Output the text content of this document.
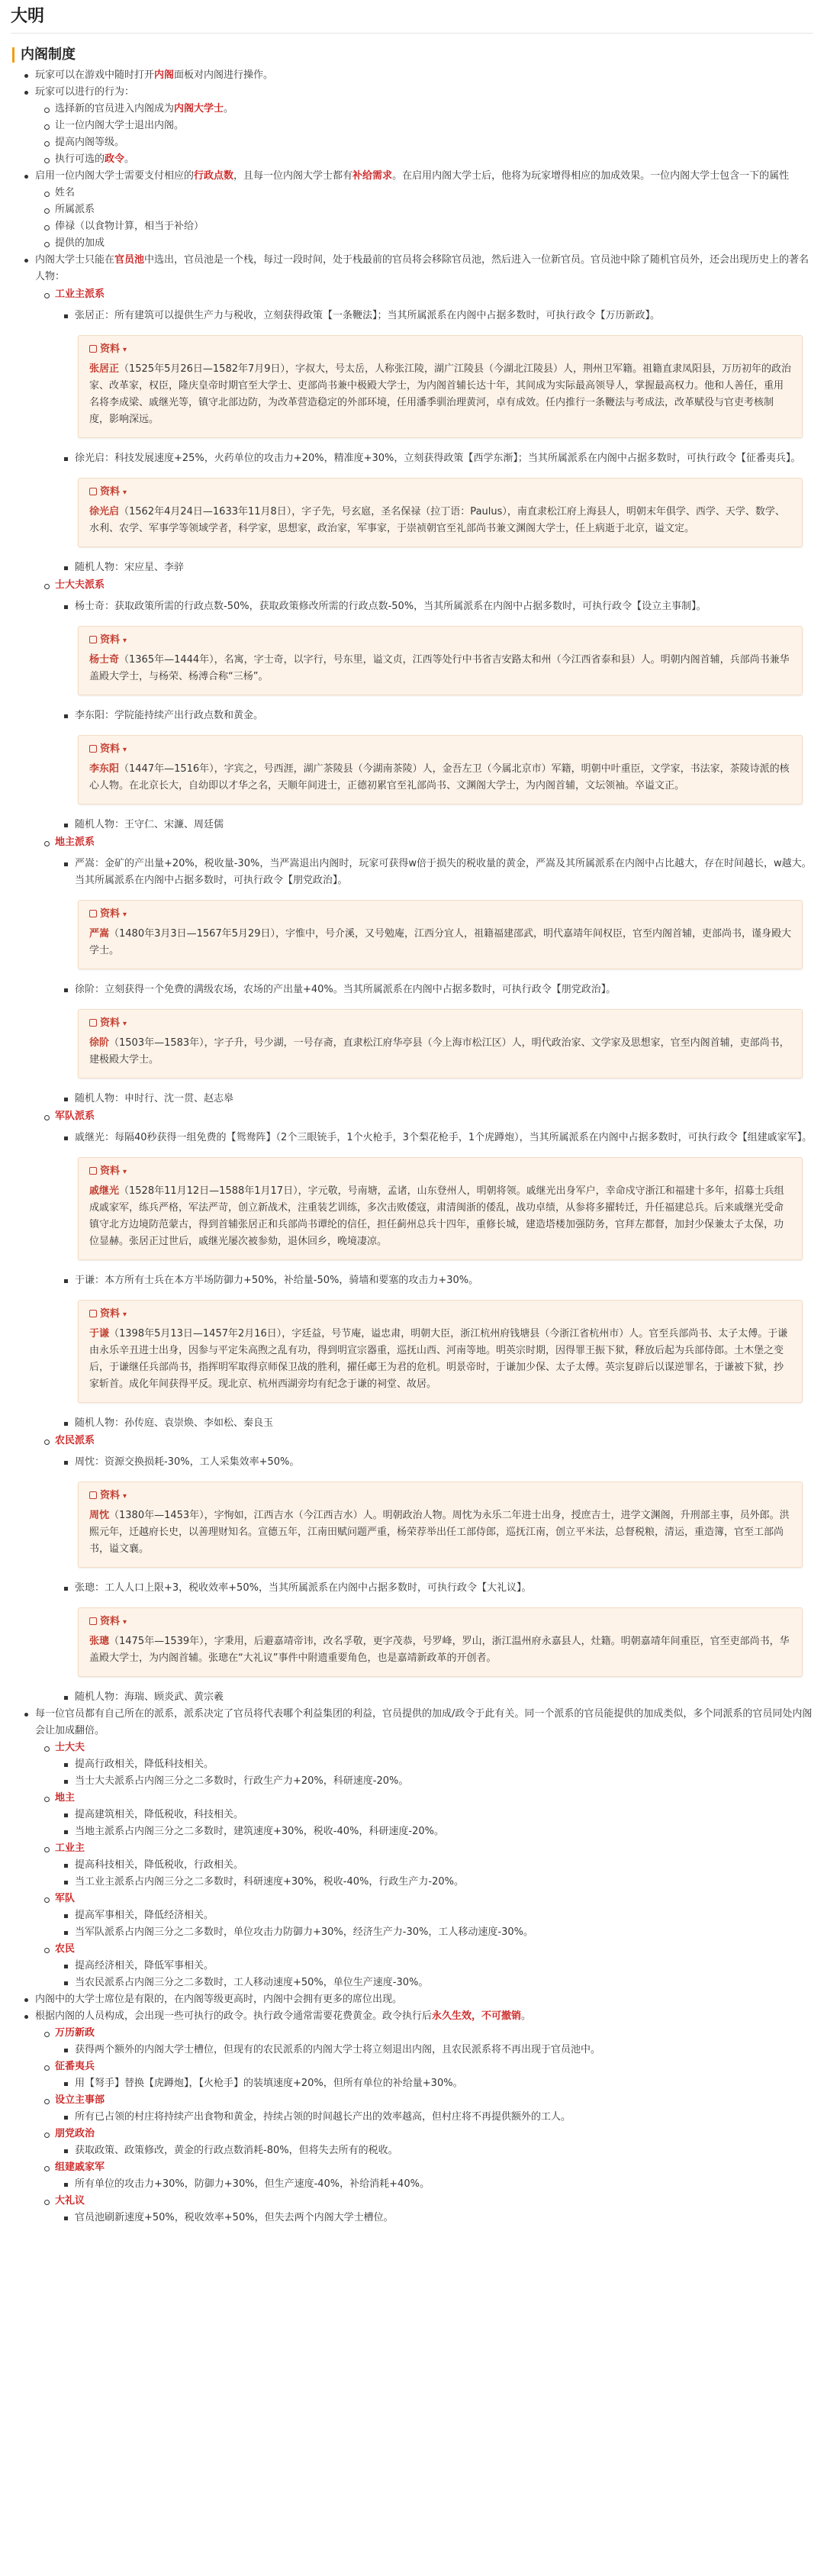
大明
内阁制度
玩家可以在游戏中随时打开内阁面板对内阁进行操作。
玩家可以进行的行为：
选择新的官员进入内阁成为内阁大学士。
让一位内阁大学士退出内阁。
提高内阁等级。
执行可选的政令。
启用一位内阁大学士需要支付相应的行政点数，且每一位内阁大学士都有补给需求。在启用内阁大学士后，他将为玩家增得相应的加成效果。一位内阁大学士包含一下的属性
姓名
所属派系
俸禄（以食物计算，相当于补给）
提供的加成
内阁大学士只能在官员池中选出，官员池是一个栈，每过一段时间，处于栈最前的官员将会移除官员池，然后进入一位新官员。官员池中除了随机官员外，还会出现历史上的著名人物：
工业主派系
张居正：所有建筑可以提供生产力与税收，立刻获得政策【一条鞭法】；当其所属派系在内阁中占据多数时，可执行政令【万历新政】。
资料 ▾

张居正（1525年5月26日—1582年7月9日），字叔大，号太岳，人称张江陵，湖广江陵县（今湖北江陵县）人，荆州卫军籍。祖籍直隶凤阳县，万历初年的政治家、改革家，权臣，隆庆皇帝时期官至大学士、吏部尚书兼中极殿大学士，为内阁首辅长达十年，其间成为实际最高领导人，掌握最高权力。他和人善任，重用名将李成梁、戚继光等，镇守北部边防，为改革营造稳定的外部环境，任用潘季驯治理黄河，卓有成效。任内推行一条鞭法与考成法，改革赋役与官吏考核制度，影响深远。

徐光启：科技发展速度+25%，火药单位的攻击力+20%，精准度+30%，立刻获得政策【西学东渐】；当其所属派系在内阁中占据多数时，可执行政令【征番夷兵】。
资料 ▾

徐光启（1562年4月24日—1633年11月8日），字子先，号玄扈，圣名保禄（拉丁语：Paulus），南直隶松江府上海县人，明朝末年俱学、西学、天学、数学、水利、农学、军事学等领域学者，科学家，思想家，政治家，军事家，于崇祯朝官至礼部尚书兼文渊阁大学士，任上病逝于北京，谥文定。

随机人物：宋应星、李骍
士大夫派系
杨士奇：获取政策所需的行政点数-50%，获取政策修改所需的行政点数-50%，当其所属派系在内阁中占据多数时，可执行政令【设立主事制】。
资料 ▾

杨士奇（1365年—1444年），名寓，字士奇，以字行，号东里，谥文贞，江西等处行中书省吉安路太和州（今江西省泰和县）人。明朝内阁首辅，兵部尚书兼华盖殿大学士，与杨荣、杨溥合称“三杨”。

李东阳：学院能持续产出行政点数和黄金。
资料 ▾

李东阳（1447年—1516年），字宾之，号西涯，湖广茶陵县（今湖南茶陵）人，金吾左卫（今属北京市）军籍，明朝中叶重臣，文学家，书法家，茶陵诗派的核心人物。在北京长大，自幼即以才华之名，天顺年间进士，正德初累官至礼部尚书、文渊阁大学士，为内阁首辅，文坛领袖。卒谥文正。

随机人物：王守仁、宋濂、周廷儒
地主派系
严嵩：金矿的产出量+20%，税收量-30%，当严嵩退出内阁时，玩家可获得w倍于损失的税收量的黄金，严嵩及其所属派系在内阁中占比越大，存在时间越长，w越大。当其所属派系在内阁中占据多数时，可执行政令【朋党政治】。
资料 ▾

严嵩（1480年3月3日—1567年5月29日），字惟中，号介溪，又号勉庵，江西分宜人，祖籍福建邵武，明代嘉靖年间权臣，官至内阁首辅，吏部尚书，谨身殿大学士。

徐阶：立刻获得一个免费的满级农场，农场的产出量+40%。当其所属派系在内阁中占据多数时，可执行政令【朋党政治】。
资料 ▾

徐阶（1503年—1583年），字子升，号少湖，一号存斋，直隶松江府华亭县（今上海市松江区）人，明代政治家、文学家及思想家，官至内阁首辅，吏部尚书，建极殿大学士。

随机人物：申时行、沈一贯、赵志皋
军队派系
戚继光：每隔40秒获得一组免费的【鸳鸯阵】（2个三眼铳手，1个火枪手，3个梨花枪手，1个虎蹲炮），当其所属派系在内阁中占据多数时，可执行政令【组建戚家军】。
资料 ▾

戚继光（1528年11月12日—1588年1月17日），字元敬，号南塘，孟诸，山东登州人，明朝将领。戚继光出身军户，幸命戍守浙江和福建十多年，招募士兵组成戚家军，练兵严格，军法严苛，创立新战术，注重装艺训练，多次击败倭寇，肃清闽浙的倭乱，战功卓绩，从参将多擢转迁，升任福建总兵。后来戚继光受命镇守北方边境防范蒙古，得到首辅张居正和兵部尚书谭纶的信任，担任蓟州总兵十四年，重修长城，建造塔楼加强防务，官拜左都督，加封少保兼太子太保，功位显赫。张居正过世后，戚继光屡次被参劾，退休回乡，晚境凄凉。

于谦：本方所有士兵在本方半场防御力+50%，补给量-50%，骑墙和要塞的攻击力+30%。
资料 ▾

于谦（1398年5月13日—1457年2月16日），字廷益，号节庵，谥忠肃，明朝大臣，浙江杭州府钱塘县（今浙江省杭州市）人。官至兵部尚书、太子太傅。于谦由永乐辛丑进士出身，因参与平定朱高煦之乱有功，得到明宣宗器重，巡抚山西、河南等地。明英宗时期，因得罪王振下狱，释放后起为兵部侍郎。土木堡之变后，于谦继任兵部尚书，指挥明军取得京师保卫战的胜利，擢任郕王为君的危机。明景帝时，于谦加少保、太子太傅。英宗复辟后以谋逆罪名，于谦被下狱，抄家斩首。成化年间获得平反。现北京、杭州西湖旁均有纪念于谦的祠堂、故居。

随机人物：孙传庭、袁崇焕、李如松、秦良玉
农民派系
周忱：资源交换损耗-30%，工人采集效率+50%。
资料 ▾

周忱（1380年—1453年），字恂如，江西吉水（今江西吉水）人。明朝政治人物。周忱为永乐二年进士出身，授庶吉士，进学文渊阁，升刑部主事，员外郎。洪熙元年，迁越府长史，以善理财知名。宣德五年，江南田赋问题严重，杨荣荐举出任工部侍郎，巡抚江南，创立平米法，总督税粮，清运，重造簿，官至工部尚书，谥文襄。

张璁：工人人口上限+3，税收效率+50%，当其所属派系在内阁中占据多数时，可执行政令【大礼议】。
资料 ▾

张璁（1475年—1539年），字秉用，后避嘉靖帝讳，改名孚敬，更字茂恭，号罗峰，罗山，浙江温州府永嘉县人，灶籍。明朝嘉靖年间重臣，官至吏部尚书，华盖殿大学士，为内阁首辅。张璁在“大礼议”事件中附遗重要角色，也是嘉靖新政革的开创者。

随机人物：海瑞、顾炎武、黄宗羲
每一位官员都有自己所在的派系，派系决定了官员将代表哪个利益集团的利益，官员提供的加成/政令于此有关。同一个派系的官员能提供的加成类似，多个同派系的官员同处内阁会让加成翻倍。
士大夫
提高行政相关，降低科技相关。
当士大夫派系占内阁三分之二多数时，行政生产力+20%，科研速度-20%。
地主
提高建筑相关，降低税收，科技相关。
当地主派系占内阁三分之二多数时，建筑速度+30%，税收-40%，科研速度-20%。
工业主
提高科技相关，降低税收，行政相关。
当工业主派系占内阁三分之二多数时，科研速度+30%，税收-40%，行政生产力-20%。
军队
提高军事相关，降低经济相关。
当军队派系占内阁三分之二多数时，单位攻击力防御力+30%，经济生产力-30%，工人移动速度-30%。
农民
提高经济相关，降低军事相关。
当农民派系占内阁三分之二多数时，工人移动速度+50%，单位生产速度-30%。
内阁中的大学士席位是有限的，在内阁等级更高时，内阁中会拥有更多的席位出现。
根据内阁的人员构成，会出现一些可执行的政令。执行政令通常需要花费黄金。政令执行后永久生效，不可撤销。
万历新政
获得两个额外的内阁大学士槽位，但现有的农民派系的内阁大学士将立刻退出内阁，且农民派系将不再出现于官员池中。
征番夷兵
用【弩手】替换【虎蹲炮】，【火枪手】的装填速度+20%，但所有单位的补给量+30%。
设立主事部
所有已占领的村庄将持续产出食物和黄金，持续占领的时间越长产出的效率越高，但村庄将不再提供额外的工人。
朋党政治
获取政策、政策修改，黄金的行政点数消耗-80%，但将失去所有的税收。
组建戚家军
所有单位的攻击力+30%，防御力+30%，但生产速度-40%，补给消耗+40%。
大礼议
官员池刷新速度+50%，税收效率+50%，但失去两个内阁大学士槽位。
